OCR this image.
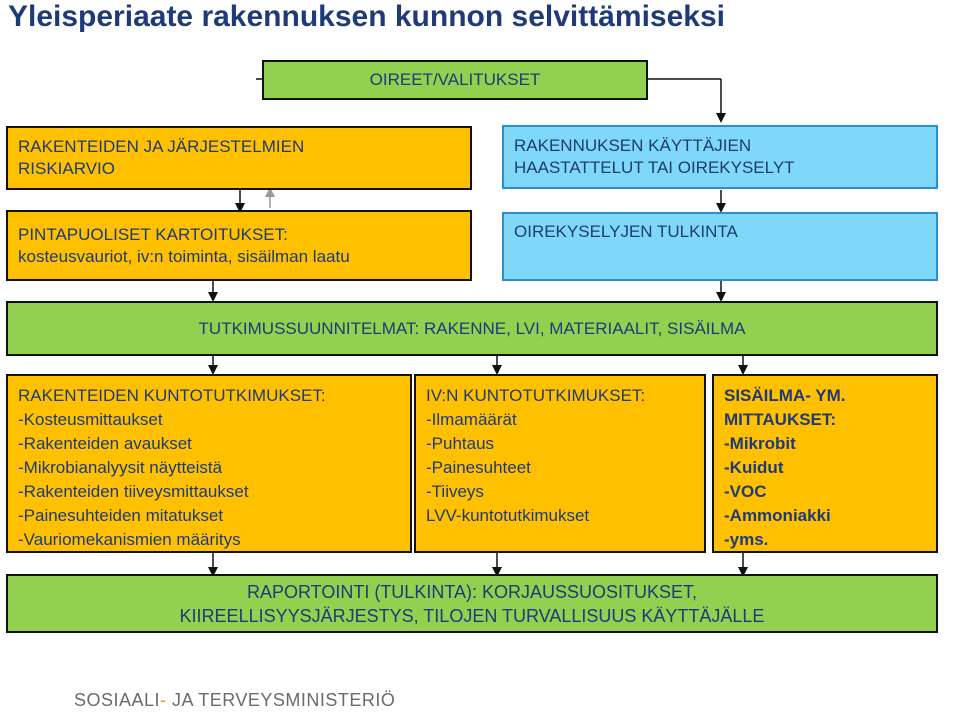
Yleisperiaate rakennuksen kunnon selvittämiseksi
OIREET/VALITUKSET
RAKENTEIDEN JA JÄRJESTELMIEN
RISKIARVIO
RAKENNUKSEN KÄYTTÄJIEN
HAASTATTELUT TAI OIREKYSELYT
PINTAPUOLISET KARTOITUKSET:
kosteusvauriot, iv:n toiminta, sisäilman laatu
OIREKYSELYJEN TULKINTA
TUTKIMUSSUUNNITELMAT: RAKENNE, LVI, MATERIAALIT, SISÄILMA
RAKENTEIDEN KUNTOTUTKIMUKSET:
-Kosteusmittaukset
-Rakenteiden avaukset
-Mikrobianalyysit näytteistä
-Rakenteiden tiiveysmittaukset
-Painesuhteiden mitatukset
-Vauriomekanismien määritys
IV:N KUNTOTUTKIMUKSET:
-Ilmamäärät
-Puhtaus
-Painesuhteet
-Tiiveys
LVV-kuntotutkimukset
SISÄILMA- YM.
MITTAUKSET:
-Mikrobit
-Kuidut
-VOC
-Ammoniakki
-yms.
RAPORTOINTI (TULKINTA): KORJAUSSUOSITUKSET,
KIIREELLISYYSJÄRJESTYS, TILOJEN TURVALLISUUS KÄYTTÄJÄLLE
SOSIAALI- JA TERVEYSMINISTERIÖ
